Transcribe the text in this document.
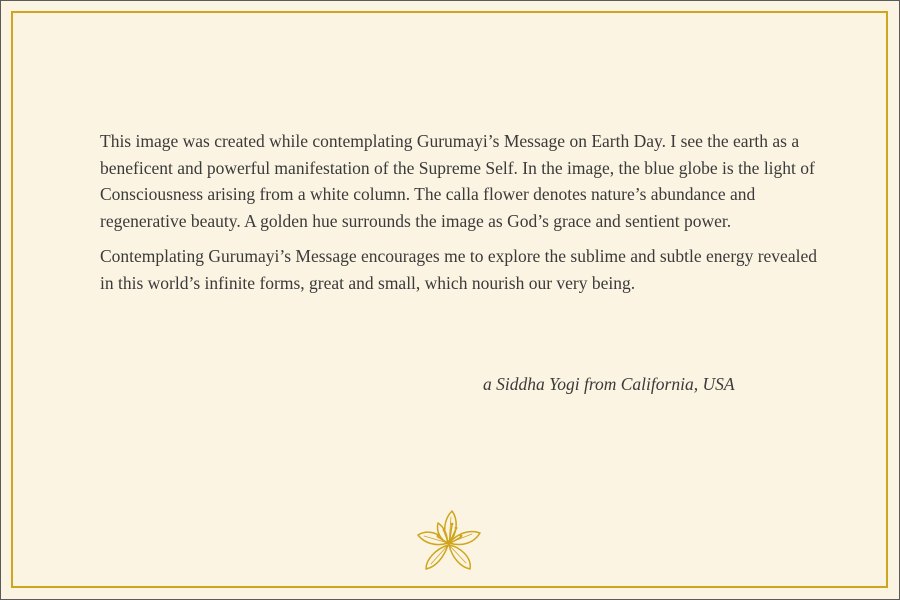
This image was created while contemplating Gurumayi’s Message on Earth Day. I see the earth as a beneficent and powerful manifestation of the Supreme Self. In the image, the blue globe is the light of Consciousness arising from a white column. The calla flower denotes nature’s abundance and regenerative beauty. A golden hue surrounds the image as God’s grace and sentient power.

Contemplating Gurumayi’s Message encourages me to explore the sublime and subtle energy revealed in this world’s infinite forms, great and small, which nourish our very being.

a Siddha Yogi from California, USA
